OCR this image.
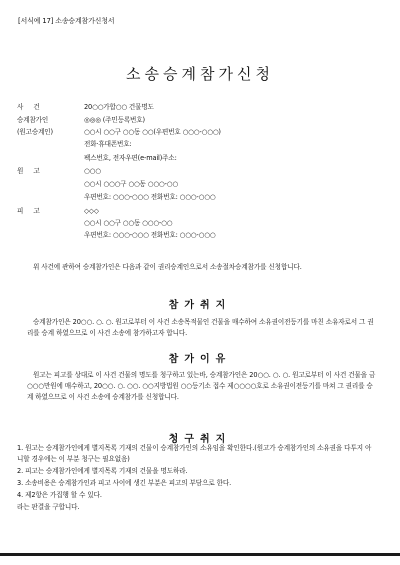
[서식예 17] 소송승계참가신청서
소송승계참가신청
사건	20○○가합○○ 건물명도
승계참가인	◎◎◎ (주민등록번호)
(원고승계인)	○○시 ○○구 ○○동 ○○(우편번호 ○○○-○○○)
전화·휴대폰번호:
팩스번호, 전자우편(e-mail)주소:
원고	○○○
○○시 ○○○구 ○○동 ○○○-○○
우편번호: ○○○-○○○ 전화번호: ○○○-○○○
피고	◇◇◇
○○시 ○○구 ○○동 ○○○-○○
우편번호: ○○○-○○○ 전화번호: ○○○-○○○
위 사건에 관하여 승계참가인은 다음과 같이 권리승계인으로서 소송절차승계참가를 신청합니다.
참가취지
승계참가인은 20○○. ○. ○. 원고로부터 이 사건 소송목적물인 건물을 매수하여 소유권이전등기를 마친 소유자로서 그 권리를 승계 하였으므로 이 사건 소송에 참가하고자 합니다.
참가이유
원고는 피고를 상대로 이 사건 건물의 명도를 청구하고 있는바, 승계참가인은 20○○. ○. ○. 원고로부터 이 사건 건물을 금 ○○○만원에 매수하고, 20○○. ○. ○○. ○○지방법원 ○○등기소 접수 제○○○○호로 소유권이전등기를 마쳐 그 권리를 승계 하였으므로 이 사건 소송에 승계참가를 신청합니다.
청구취지
1. 원고는 승계참가인에게 별지목록 기재의 건물이 승계참가인의 소유임을 확인한다.(원고가 승계참가인의 소유권을 다투지 아니할 경우에는 이 부분 청구는 필요없음)
2. 피고는 승계참가인에게 별지목록 기재의 건물을 명도하라.
3. 소송비용은 승계참가인과 피고 사이에 생긴 부분은 피고의 부담으로 한다.
4. 제2항은 가집행 할 수 있다.
라는 판결을 구합니다.
